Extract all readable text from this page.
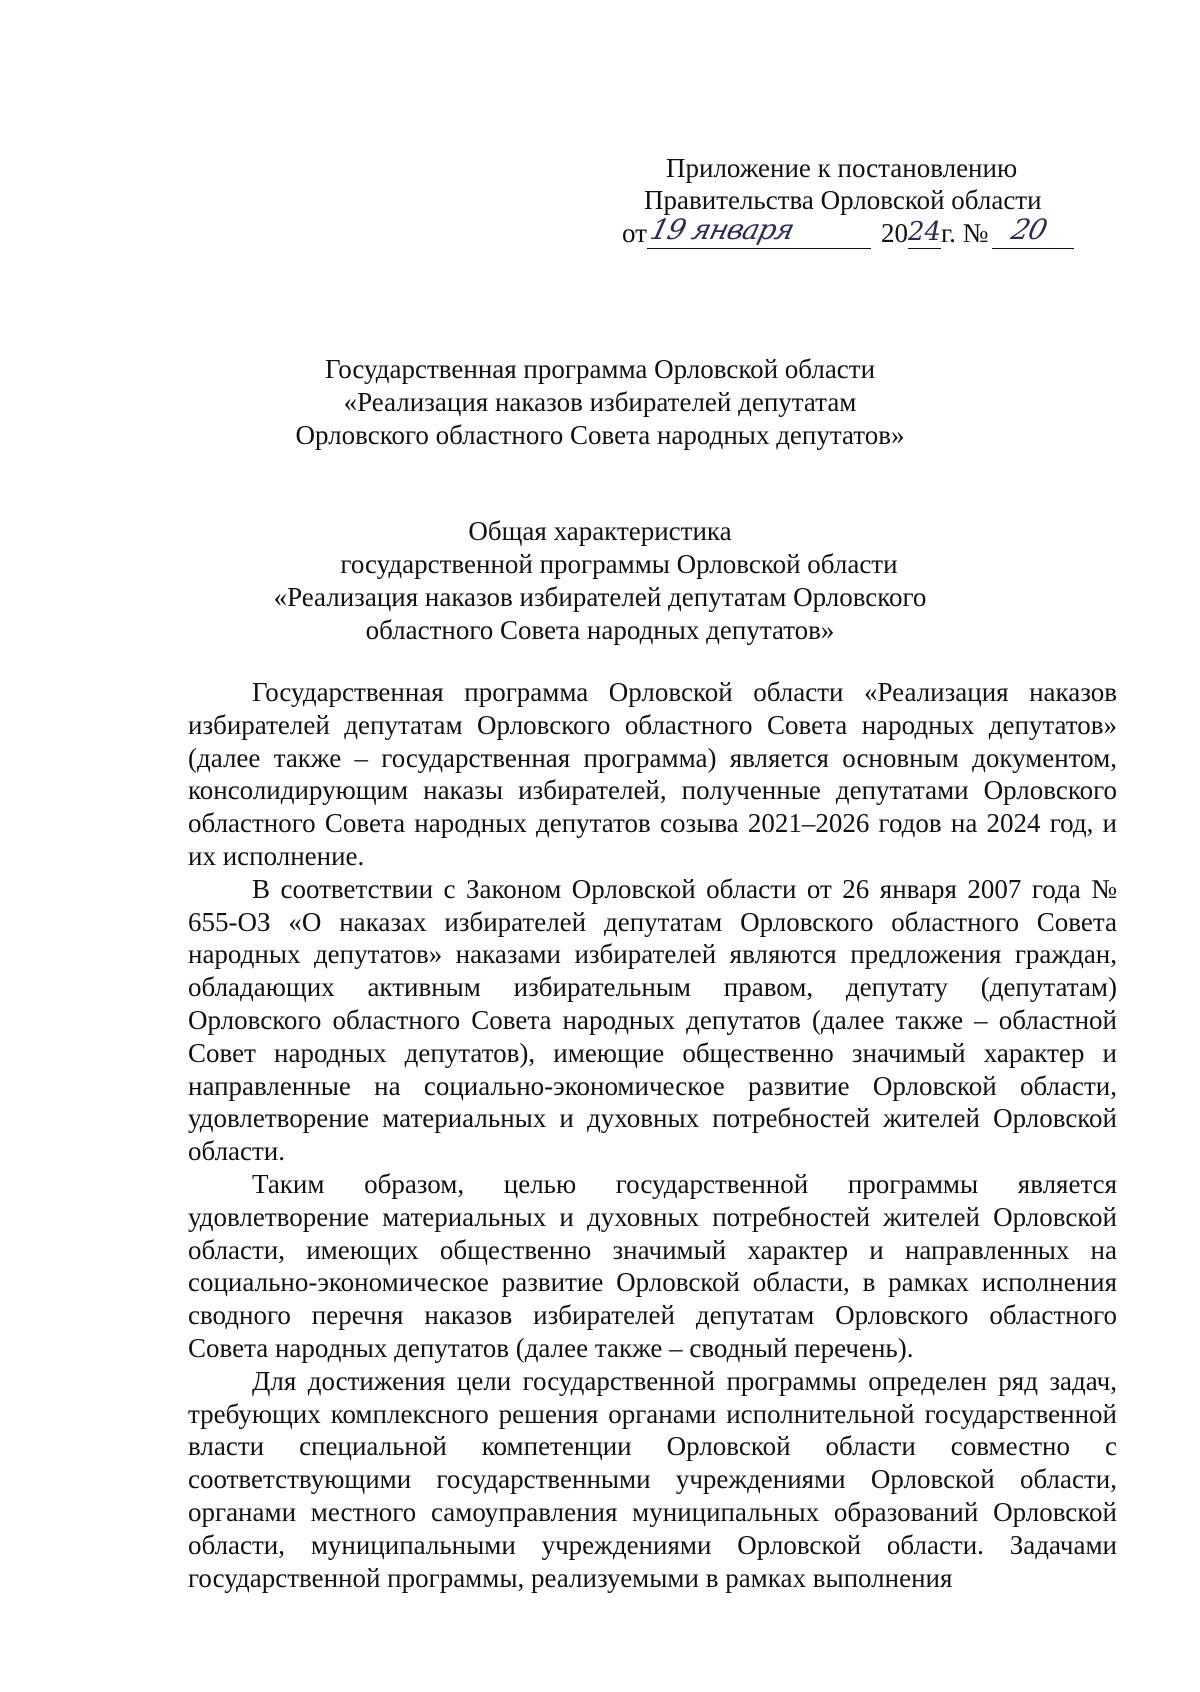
Приложение к постановлению
Правительства Орловской области
от 19 января	20 24 г. № 20
Государственная программа Орловской области
«Реализация наказов избирателей депутатам
Орловского областного Совета народных депутатов»
Общая характеристика
государственной программы Орловской области
«Реализация наказов избирателей депутатам Орловского
областного Совета народных депутатов»

Государственная программа Орловской области «Реализация наказов избирателей депутатам Орловского областного Совета народных депутатов» (далее также – государственная программа) является основным документом, консолидирующим наказы избирателей, полученные депутатами Орловского областного Совета народных депутатов созыва 2021–2026 годов на 2024 год, и их исполнение.

В соответствии с Законом Орловской области от 26 января 2007 года № 655-ОЗ «О наказах избирателей депутатам Орловского областного Совета народных депутатов» наказами избирателей являются предложения граждан, обладающих активным избирательным правом, депутату (депутатам) Орловского областного Совета народных депутатов (далее также – областной Совет народных депутатов), имеющие общественно значимый характер и направленные на социально-экономическое развитие Орловской области, удовлетворение материальных и духовных потребностей жителей Орловской области.

Таким образом, целью государственной программы является удовлетворение материальных и духовных потребностей жителей Орловской области, имеющих общественно значимый характер и направленных на социально-экономическое развитие Орловской области, в рамках исполнения сводного перечня наказов избирателей депутатам Орловского областного Совета народных депутатов (далее также – сводный перечень).

Для достижения цели государственной программы определен ряд задач, требующих комплексного решения органами исполнительной государственной власти специальной компетенции Орловской области совместно с соответствующими государственными учреждениями Орловской области, органами местного самоуправления муниципальных образований Орловской области, муниципальными учреждениями Орловской области. Задачами государственной программы, реализуемыми в рамках выполнения
